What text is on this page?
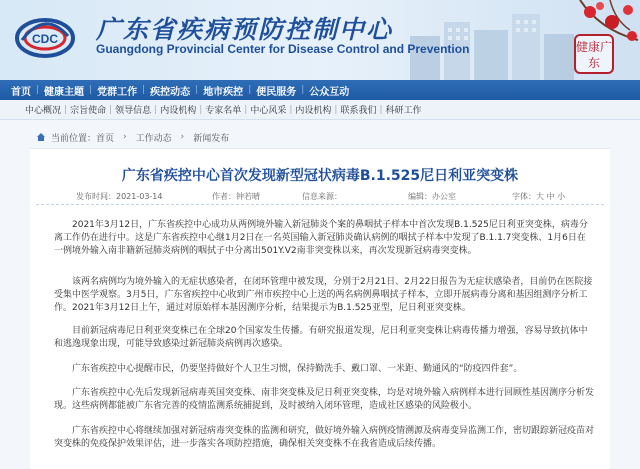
CDC 广东省疾病预防控制中心
Guangdong Provincial Center for Disease Control and Prevention	健康广东
首页 | 健康主题 | 党群工作 | 疾控动态 | 地市疾控 | 便民服务 | 公众互动
中心概况 | 宗旨使命 | 领导信息 | 内设机构 | 专家名单 | 中心风采 | 内设机构 | 联系我们 | 科研工作
当前位置： 首页 › 工作动态 › 新闻发布
广东省疾控中心首次发现新型冠状病毒B.1.525尼日利亚突变株
发布时间：2021-03-14	作者：钟若晴	信息来源：	编辑：办公室	字体：大 中 小

2021年3月12日，广东省疾控中心成功从两例境外输入新冠肺炎个案的鼻咽拭子样本中首次发现B.1.525尼日利亚突变株，病毒分离工作仍在进行中。这是广东省疾控中心继1月2日在一名英国输入新冠肺炎确认病例的咽拭子样本中发现了B.1.1.7突变株、1月6日在一例境外输入南非籍新冠肺炎病例的咽拭子中分离出501Y.V2南非突变株以来，再次发现新冠病毒突变株。

该两名病例均为境外输入的无症状感染者，在闭环管理中被发现，分别于2月21日、2月22日报告为无症状感染者，目前仍在医院接受集中医学观察。3月5日，广东省疾控中心收到广州市疾控中心上送的两名病例鼻咽拭子样本，立即开展病毒分离和基因组测序分析工作。2021年3月12日上午，通过对原始样本基因测序分析，结果提示为B.1.525亚型，尼日利亚突变株。

目前新冠病毒尼日利亚突变株已在全球20个国家发生传播。有研究报道发现，尼日利亚突变株让病毒传播力增强，容易导致抗体中和逃逸现象出现，可能导致感染过新冠肺炎病例再次感染。

广东省疾控中心提醒市民，仍要坚持做好个人卫生习惯，保持勤洗手、戴口罩、一米距、勤通风的“防疫四件套”。

广东省疾控中心先后发现新冠病毒英国突变株、南非突变株及尼日利亚突变株，均是对境外输入病例样本进行回顾性基因测序分析发现。这些病例都能被广东省完善的疫情监测系统捕捉到，及时被纳入闭环管理，造成社区感染的风险极小。

广东省疾控中心将继续加强对新冠病毒突变株的监测和研究，做好境外输入病例疫情溯源及病毒变异监测工作，密切跟踪新冠疫苗对突变株的免疫保护效果评估，进一步落实各项防控措施，确保相关突变株不在我省造成后续传播。
